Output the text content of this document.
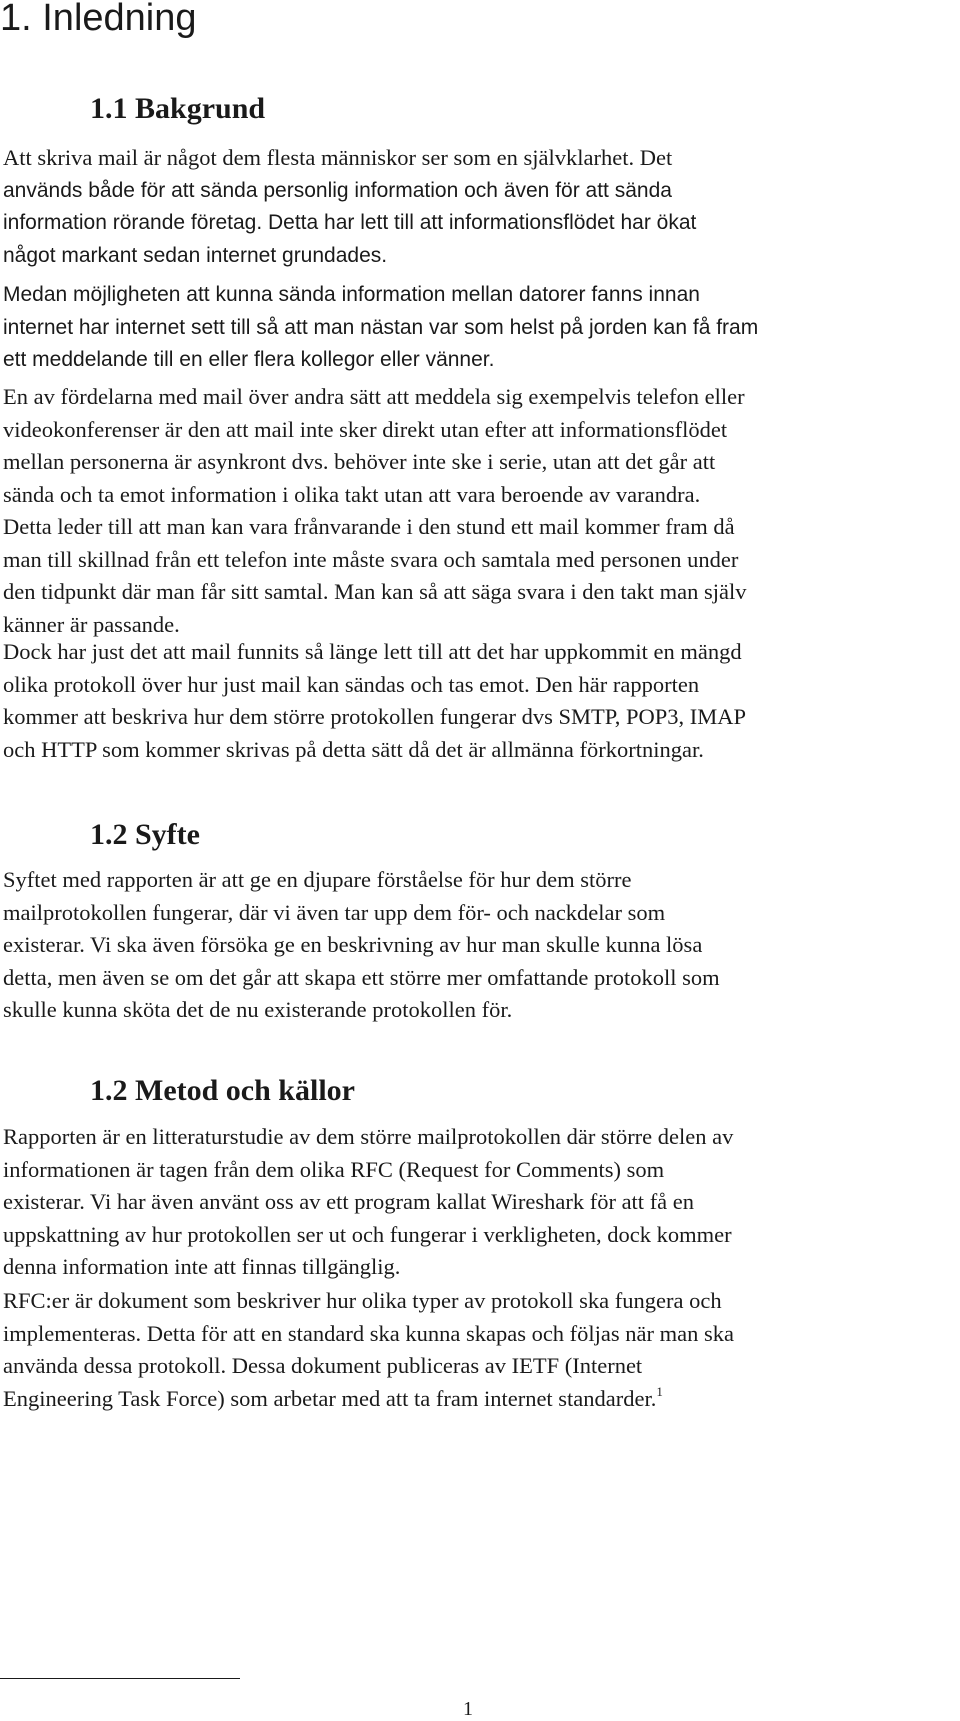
1. Inledning
1.1 Bakgrund

Att skriva mail är något dem flesta människor ser som en självklarhet. Det
används både för att sända personlig information och även för att sända
information rörande företag. Detta har lett till att informationsflödet har ökat
något markant sedan internet grundades.

Medan möjligheten att kunna sända information mellan datorer fanns innan
internet har internet sett till så att man nästan var som helst på jorden kan få fram
ett meddelande till en eller flera kollegor eller vänner.

En av fördelarna med mail över andra sätt att meddela sig exempelvis telefon eller
videokonferenser är den att mail inte sker direkt utan efter att informationsflödet
mellan personerna är asynkront dvs. behöver inte ske i serie, utan att det går att
sända och ta emot information i olika takt utan att vara beroende av varandra.
Detta leder till att man kan vara frånvarande i den stund ett mail kommer fram då
man till skillnad från ett telefon inte måste svara och samtala med personen under
den tidpunkt där man får sitt samtal. Man kan så att säga svara i den takt man själv
känner är passande.

Dock har just det att mail funnits så länge lett till att det har uppkommit en mängd
olika protokoll över hur just mail kan sändas och tas emot. Den här rapporten
kommer att beskriva hur dem större protokollen fungerar dvs SMTP, POP3, IMAP
och HTTP som kommer skrivas på detta sätt då det är allmänna förkortningar.

1.2 Syfte

Syftet med rapporten är att ge en djupare förståelse för hur dem större
mailprotokollen fungerar, där vi även tar upp dem för- och nackdelar som
existerar. Vi ska även försöka ge en beskrivning av hur man skulle kunna lösa
detta, men även se om det går att skapa ett större mer omfattande protokoll som
skulle kunna sköta det de nu existerande protokollen för.

1.2 Metod och källor

Rapporten är en litteraturstudie av dem större mailprotokollen där större delen av
informationen är tagen från dem olika RFC (Request for Comments) som
existerar. Vi har även använt oss av ett program kallat Wireshark för att få en
uppskattning av hur protokollen ser ut och fungerar i verkligheten, dock kommer
denna information inte att finnas tillgänglig.

RFC:er är dokument som beskriver hur olika typer av protokoll ska fungera och
implementeras. Detta för att en standard ska kunna skapas och följas när man ska
använda dessa protokoll. Dessa dokument publiceras av IETF (Internet
Engineering Task Force) som arbetar med att ta fram internet standarder.$^1$

1
